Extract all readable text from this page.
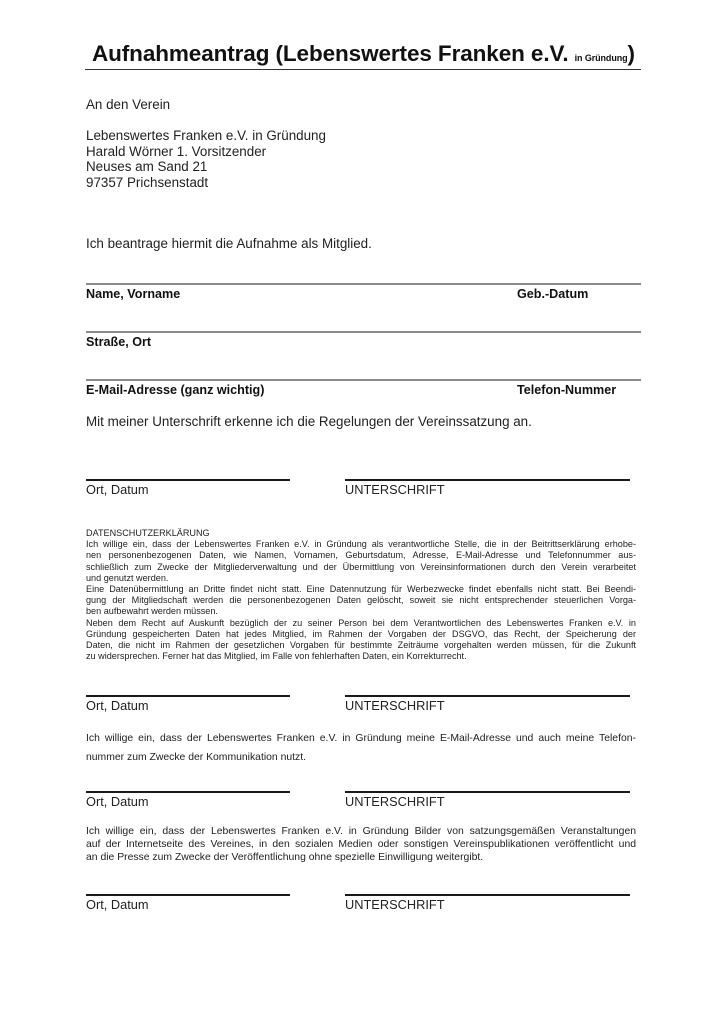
Aufnahmeantrag (Lebenswertes Franken e.V. in Gründung)
An den Verein
Lebenswertes Franken e.V. in Gründung
Harald Wörner 1. Vorsitzender
Neuses am Sand 21
97357 Prichsenstadt
Ich beantrage hiermit die Aufnahme als Mitglied.
Name, Vorname	Geb.-Datum
Straße, Ort
E-Mail-Adresse (ganz wichtig)	Telefon-Nummer
Mit meiner Unterschrift erkenne ich die Regelungen der Vereinssatzung an.
Ort, Datum	UNTERSCHRIFT
DATENSCHUTZERKLÄRUNG
Ich willige ein, dass der Lebenswertes Franken e.V. in Gründung als verantwortliche Stelle, die in der Beitrittserklärung erhobe-
nen personenbezogenen Daten, wie Namen, Vornamen, Geburtsdatum, Adresse, E-Mail-Adresse und Telefonnummer aus-
schließlich zum Zwecke der Mitgliederverwaltung und der Übermittlung von Vereinsinformationen durch den Verein verarbeitet
und genutzt werden.
Eine Datenübermittlung an Dritte findet nicht statt. Eine Datennutzung für Werbezwecke findet ebenfalls nicht statt. Bei Beendi-
gung der Mitgliedschaft werden die personenbezogenen Daten gelöscht, soweit sie nicht entsprechender steuerlichen Vorga-
ben aufbewahrt werden müssen.
Neben dem Recht auf Auskunft bezüglich der zu seiner Person bei dem Verantwortlichen des Lebenswertes Franken e.V. in
Gründung gespeicherten Daten hat jedes Mitglied, im Rahmen der Vorgaben der DSGVO, das Recht, der Speicherung der
Daten, die nicht im Rahmen der gesetzlichen Vorgaben für bestimmte Zeiträume vorgehalten werden müssen, für die Zukunft
zu widersprechen. Ferner hat das Mitglied, im Falle von fehlerhaften Daten, ein Korrekturrecht.
Ort, Datum	UNTERSCHRIFT
Ich willige ein, dass der Lebenswertes Franken e.V. in Gründung meine E-Mail-Adresse und auch meine Telefon-
nummer zum Zwecke der Kommunikation nutzt.
Ort, Datum	UNTERSCHRIFT
Ich willige ein, dass der Lebenswertes Franken e.V. in Gründung Bilder von satzungsgemäßen Veranstaltungen
auf der Internetseite des Vereines, in den sozialen Medien oder sonstigen Vereinspublikationen veröffentlicht und
an die Presse zum Zwecke der Veröffentlichung ohne spezielle Einwilligung weitergibt.
Ort, Datum	UNTERSCHRIFT
